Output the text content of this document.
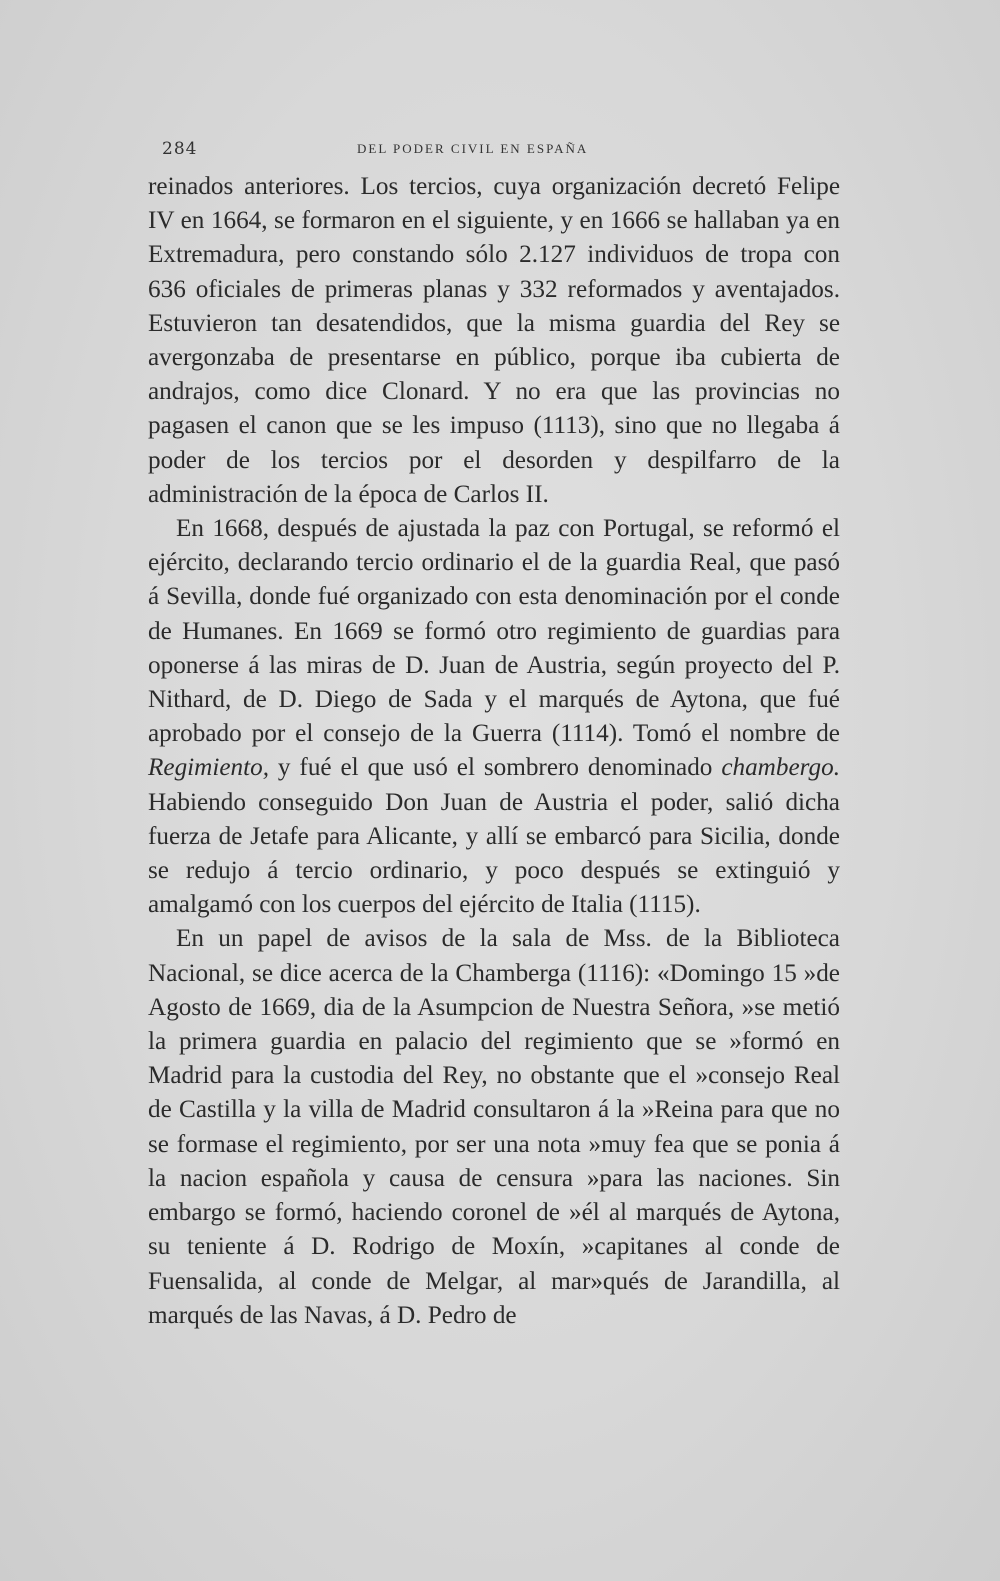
284	DEL PODER CIVIL EN ESPAÑA

reinados anteriores. Los tercios, cuya organización decretó Felipe IV en 1664, se formaron en el siguiente, y en 1666 se hallaban ya en Extremadura, pero constando sólo 2.127 individuos de tropa con 636 oficiales de primeras planas y 332 reformados y aventajados. Estuvieron tan desatendidos, que la misma guardia del Rey se avergonzaba de presentarse en público, porque iba cubierta de andrajos, como dice Clonard. Y no era que las provincias no pagasen el canon que se les impuso (1113), sino que no llegaba á poder de los tercios por el desorden y despilfarro de la administración de la época de Carlos II.

En 1668, después de ajustada la paz con Portugal, se reformó el ejército, declarando tercio ordinario el de la guardia Real, que pasó á Sevilla, donde fué organizado con esta denominación por el conde de Humanes. En 1669 se formó otro regimiento de guardias para oponerse á las miras de D. Juan de Austria, según proyecto del P. Nithard, de D. Diego de Sada y el marqués de Aytona, que fué aprobado por el consejo de la Guerra (1114). Tomó el nombre de Regimiento, y fué el que usó el sombrero denominado chambergo. Habiendo conseguido Don Juan de Austria el poder, salió dicha fuerza de Jetafe para Alicante, y allí se embarcó para Sicilia, donde se redujo á tercio ordinario, y poco después se extinguió y amalgamó con los cuerpos del ejército de Italia (1115).

En un papel de avisos de la sala de Mss. de la Biblioteca Nacional, se dice acerca de la Chamberga (1116): «Domingo 15 »de Agosto de 1669, dia de la Asumpcion de Nuestra Señora, »se metió la primera guardia en palacio del regimiento que se »formó en Madrid para la custodia del Rey, no obstante que el »consejo Real de Castilla y la villa de Madrid consultaron á la »Reina para que no se formase el regimiento, por ser una nota »muy fea que se ponia á la nacion española y causa de censura »para las naciones. Sin embargo se formó, haciendo coronel de »él al marqués de Aytona, su teniente á D. Rodrigo de Moxín, »capitanes al conde de Fuensalida, al conde de Melgar, al mar»qués de Jarandilla, al marqués de las Navas, á D. Pedro de
